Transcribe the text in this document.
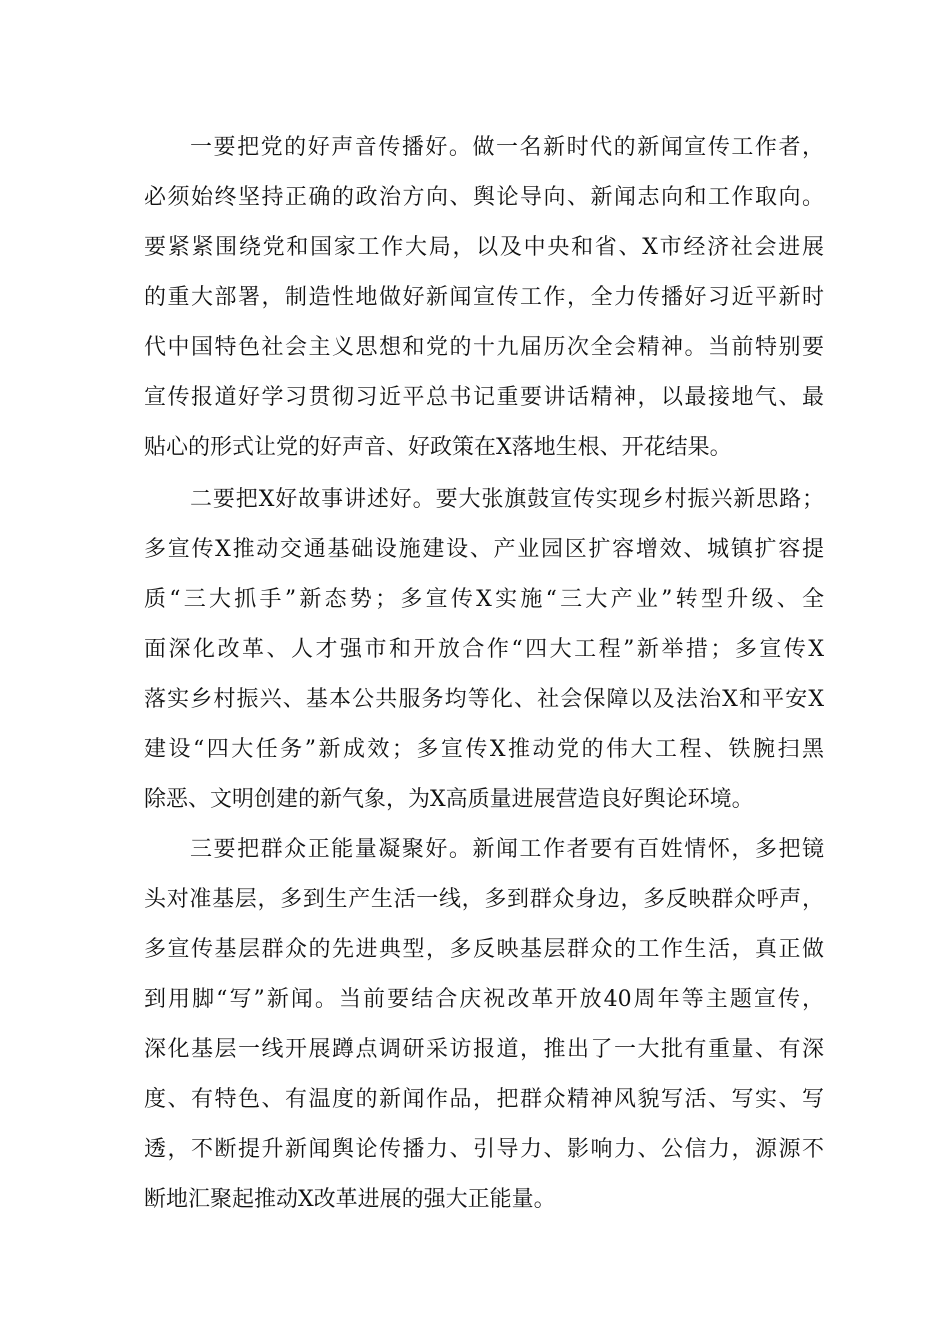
一要把党的好声音传播好。做一名新时代的新闻宣传工作者，
必须始终坚持正确的政治方向、舆论导向、新闻志向和工作取向。
要紧紧围绕党和国家工作大局，以及中央和省、X市经济社会进展
的重大部署，制造性地做好新闻宣传工作，全力传播好习近平新时
代中国特色社会主义思想和党的十九届历次全会精神。当前特别要
宣传报道好学习贯彻习近平总书记重要讲话精神，以最接地气、最
贴心的形式让党的好声音、好政策在X落地生根、开花结果。
二要把X好故事讲述好。要大张旗鼓宣传实现乡村振兴新思路；
多宣传X推动交通基础设施建设、产业园区扩容增效、城镇扩容提
质“三大抓手”新态势；多宣传X实施“三大产业”转型升级、全
面深化改革、人才强市和开放合作“四大工程”新举措；多宣传X
落实乡村振兴、基本公共服务均等化、社会保障以及法治X和平安X
建设“四大任务”新成效；多宣传X推动党的伟大工程、铁腕扫黑
除恶、文明创建的新气象，为X高质量进展营造良好舆论环境。
三要把群众正能量凝聚好。新闻工作者要有百姓情怀，多把镜
头对准基层，多到生产生活一线，多到群众身边，多反映群众呼声，
多宣传基层群众的先进典型，多反映基层群众的工作生活，真正做
到用脚“写”新闻。当前要结合庆祝改革开放40周年等主题宣传，
深化基层一线开展蹲点调研采访报道，推出了一大批有重量、有深
度、有特色、有温度的新闻作品，把群众精神风貌写活、写实、写
透，不断提升新闻舆论传播力、引导力、影响力、公信力，源源不
断地汇聚起推动X改革进展的强大正能量。
